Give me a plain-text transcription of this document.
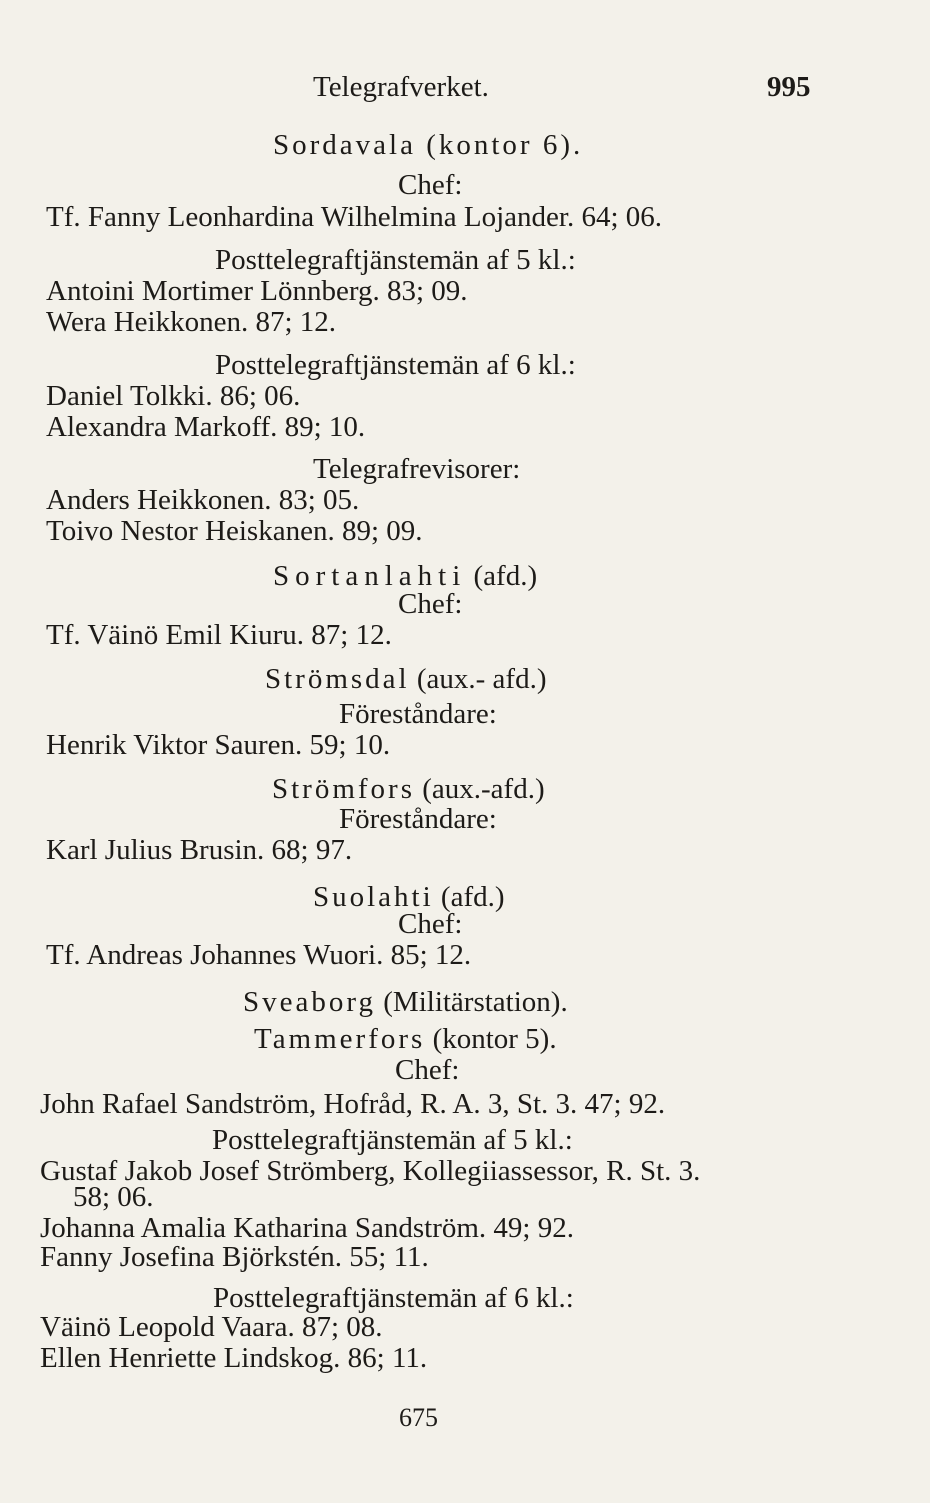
Telegrafverket.	995
Sordavala (kontor 6).
Chef:
Tf. Fanny Leonhardina Wilhelmina Lojander. 64; 06.
Posttelegraftjänstemän af 5 kl.:
Antoini Mortimer Lönnberg. 83; 09.
Wera Heikkonen. 87; 12.
Posttelegraftjänstemän af 6 kl.:
Daniel Tolkki. 86; 06.
Alexandra Markoff. 89; 10.
Telegrafrevisorer:
Anders Heikkonen. 83; 05.
Toivo Nestor Heiskanen. 89; 09.
Sortanlahti (afd.)
Chef:
Tf. Väinö Emil Kiuru. 87; 12.
Strömsdal (aux.- afd.)
Föreståndare:
Henrik Viktor Sauren. 59; 10.
Strömfors (aux.-afd.)
Föreståndare:
Karl Julius Brusin. 68; 97.
Suolahti (afd.)
Chef:
Tf. Andreas Johannes Wuori. 85; 12.
Sveaborg (Militärstation).
Tammerfors (kontor 5).
Chef:
John Rafael Sandström, Hofråd, R. A. 3, St. 3. 47; 92.
Posttelegraftjänstemän af 5 kl.:
Gustaf Jakob Josef Strömberg, Kollegiiassessor, R. St. 3.
58; 06.
Johanna Amalia Katharina Sandström. 49; 92.
Fanny Josefina Björkstén. 55; 11.
Posttelegraftjänstemän af 6 kl.:
Väinö Leopold Vaara. 87; 08.
Ellen Henriette Lindskog. 86; 11.
675
